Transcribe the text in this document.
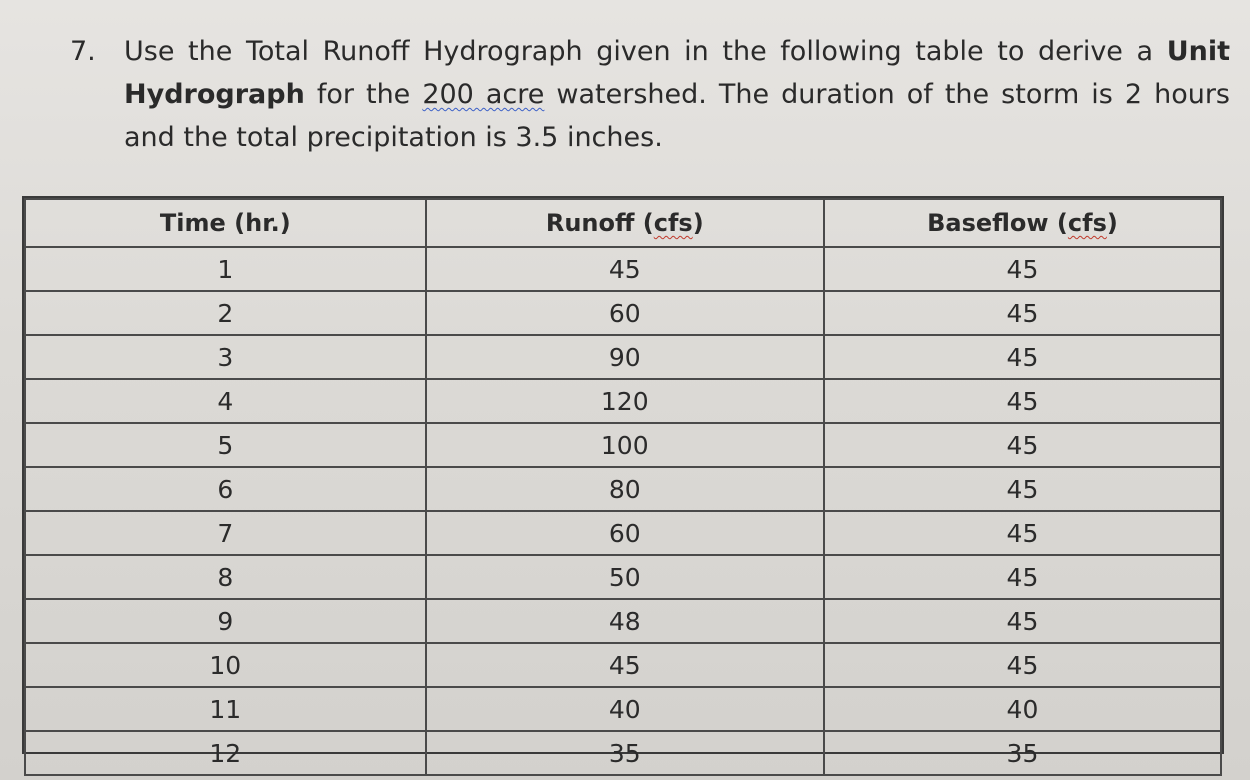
7. Use the Total Runoff Hydrograph given in the following table to derive a Unit Hydrograph for the 200 acre watershed. The duration of the storm is 2 hours and the total precipitation is 3.5 inches.
Time (hr.)	Runoff (cfs)	Baseflow (cfs)
1	45	45
2	60	45
3	90	45
4	120	45
5	100	45
6	80	45
7	60	45
8	50	45
9	48	45
10	45	45
11	40	40
12	35	35
